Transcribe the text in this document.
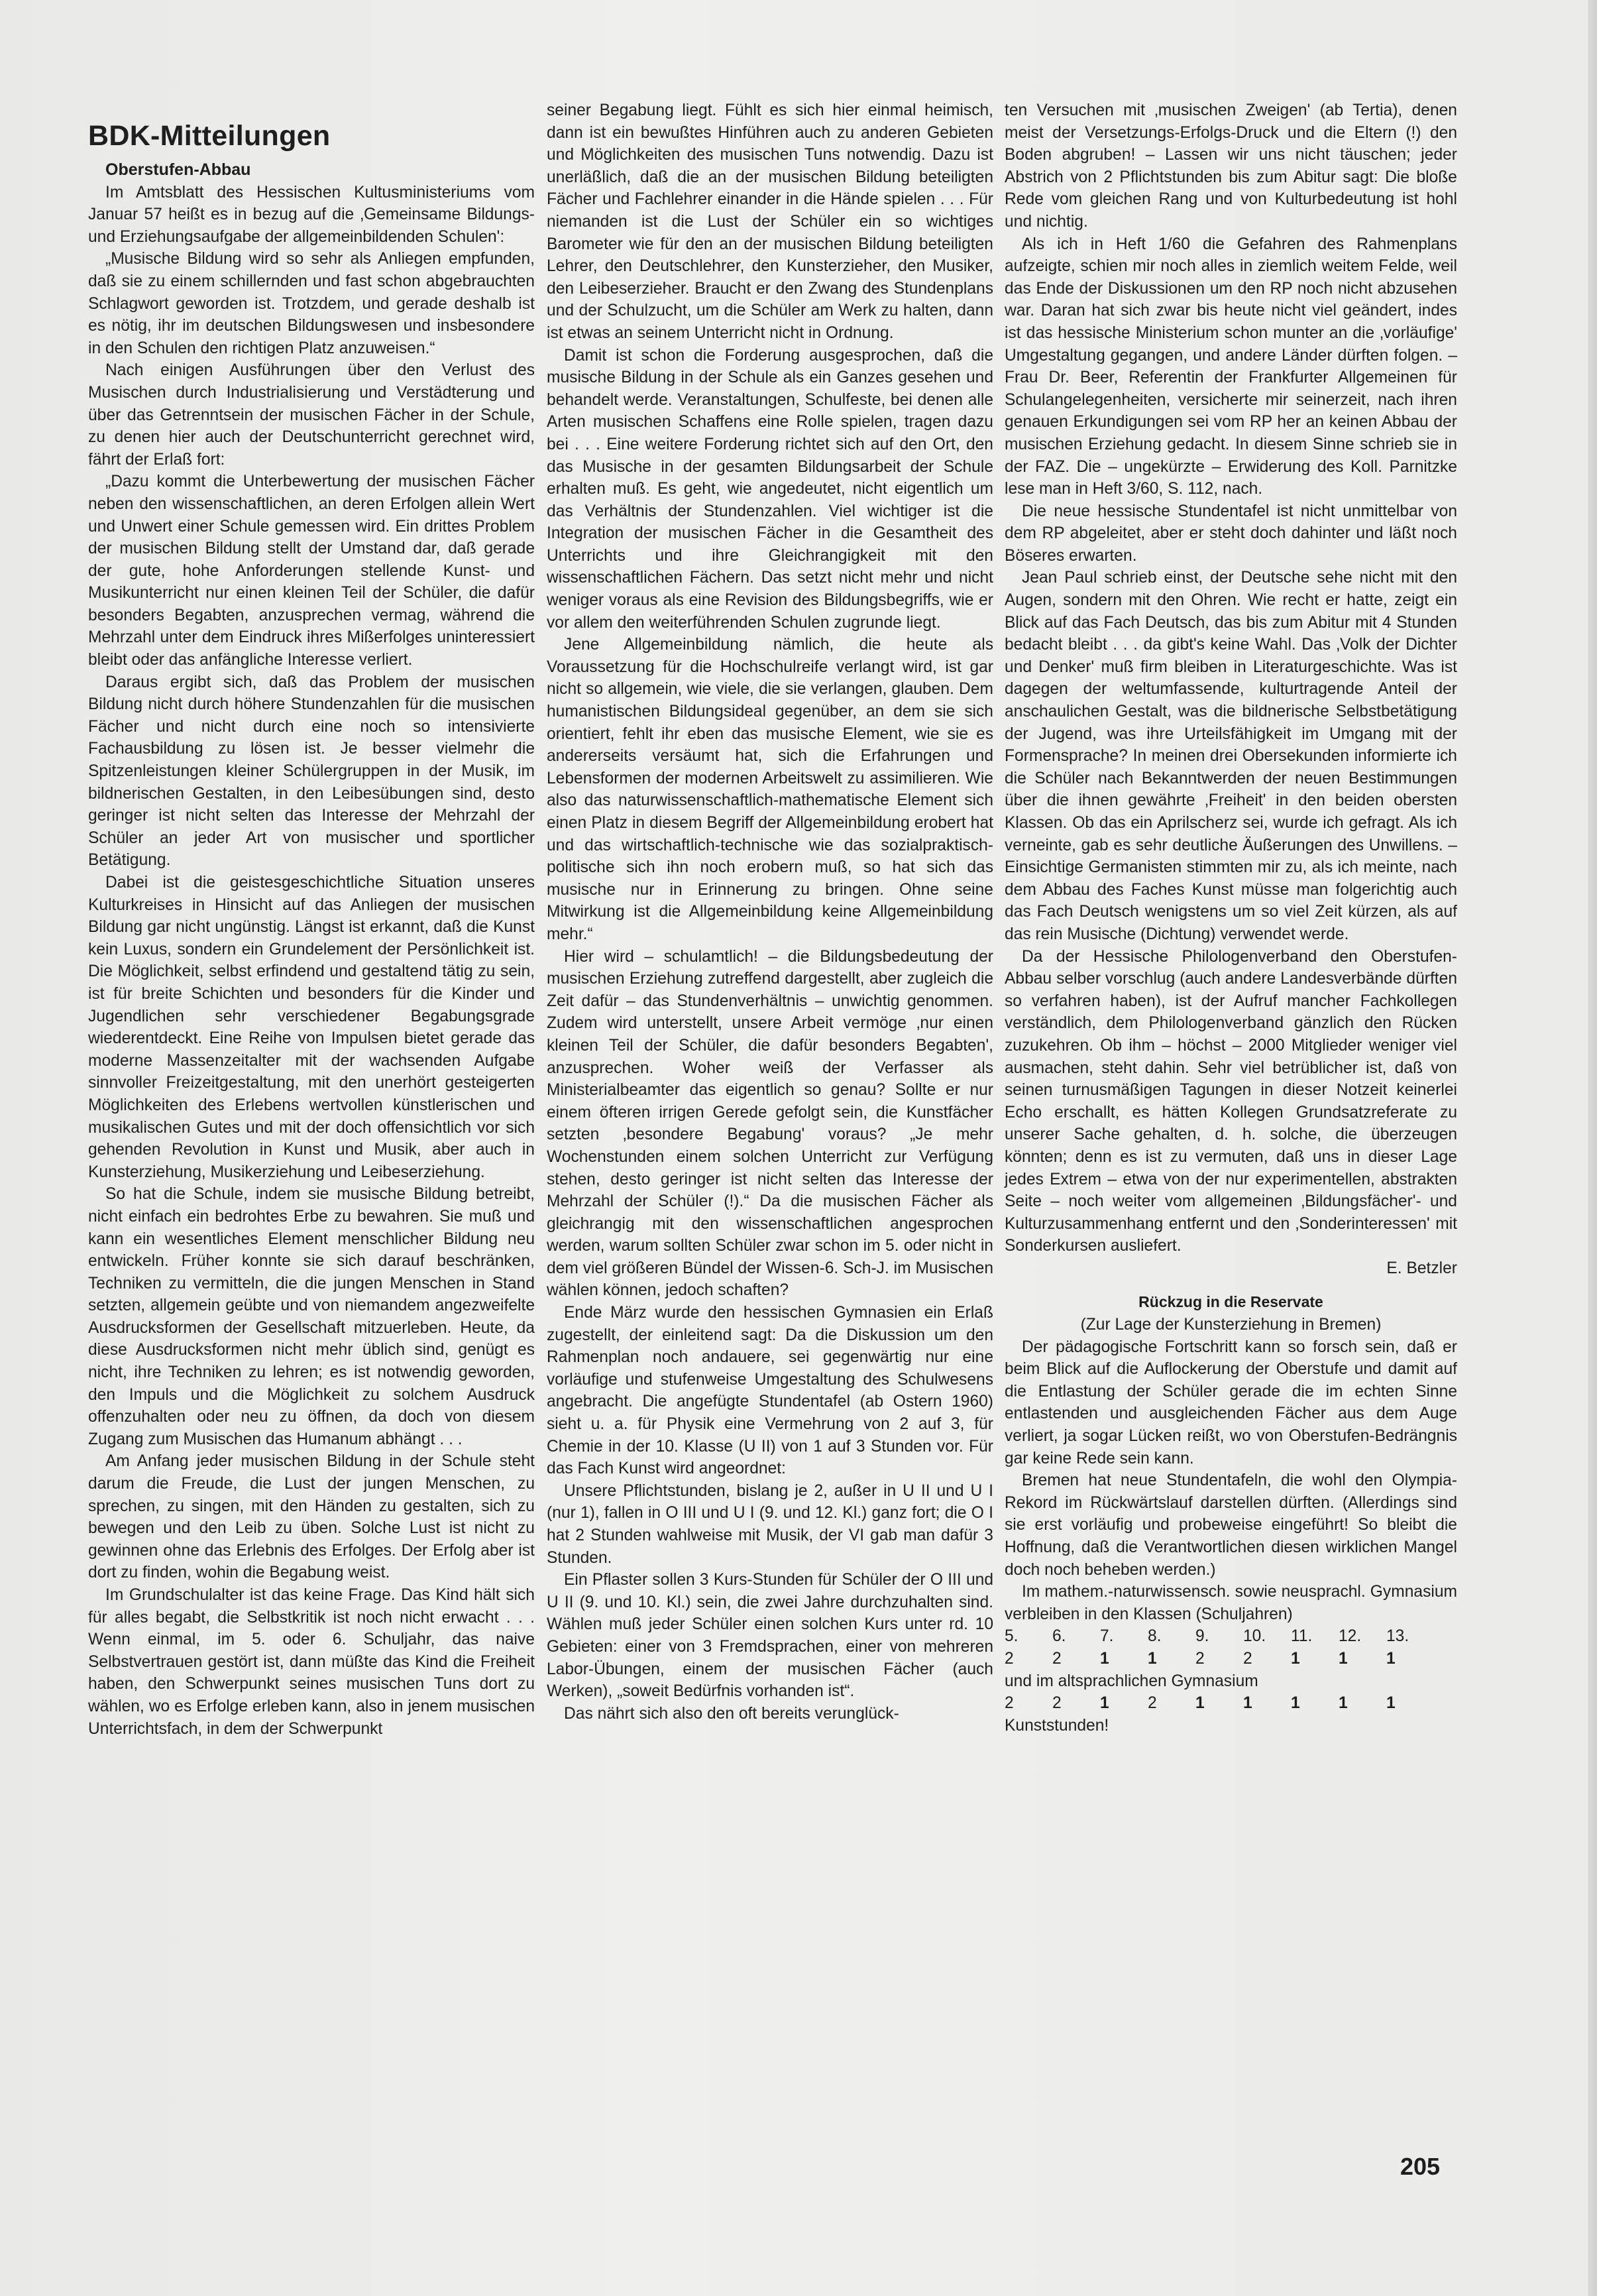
BDK-Mitteilungen

Oberstufen-Abbau

Im Amtsblatt des Hessischen Kultusministeriums vom Januar 57 heißt es in bezug auf die ‚Gemeinsame Bildungs- und Erziehungsaufgabe der allgemeinbildenden Schulen':

„Musische Bildung wird so sehr als Anliegen empfunden, daß sie zu einem schillernden und fast schon abgebrauchten Schlagwort geworden ist. Trotzdem, und gerade deshalb ist es nötig, ihr im deutschen Bildungswesen und insbesondere in den Schulen den richtigen Platz anzuweisen.“

Nach einigen Ausführungen über den Verlust des Musischen durch Industrialisierung und Verstädterung und über das Getrenntsein der musischen Fächer in der Schule, zu denen hier auch der Deutschunterricht gerechnet wird, fährt der Erlaß fort:

„Dazu kommt die Unterbewertung der musischen Fächer neben den wissenschaftlichen, an deren Erfolgen allein Wert und Unwert einer Schule gemessen wird. Ein drittes Problem der musischen Bildung stellt der Umstand dar, daß gerade der gute, hohe Anforderungen stellende Kunst- und Musikunterricht nur einen kleinen Teil der Schüler, die dafür besonders Begabten, anzusprechen vermag, während die Mehrzahl unter dem Eindruck ihres Mißerfolges uninteressiert bleibt oder das anfängliche Interesse verliert.

Daraus ergibt sich, daß das Problem der musischen Bildung nicht durch höhere Stundenzahlen für die musischen Fächer und nicht durch eine noch so intensivierte Fachausbildung zu lösen ist. Je besser vielmehr die Spitzenleistungen kleiner Schülergruppen in der Musik, im bildnerischen Gestalten, in den Leibesübungen sind, desto geringer ist nicht selten das Interesse der Mehrzahl der Schüler an jeder Art von musischer und sportlicher Betätigung.

Dabei ist die geistesgeschichtliche Situation unseres Kulturkreises in Hinsicht auf das Anliegen der musischen Bildung gar nicht ungünstig. Längst ist erkannt, daß die Kunst kein Luxus, sondern ein Grundelement der Persönlichkeit ist. Die Möglichkeit, selbst erfindend und gestaltend tätig zu sein, ist für breite Schichten und besonders für die Kinder und Jugendlichen sehr verschiedener Begabungsgrade wiederentdeckt. Eine Reihe von Impulsen bietet gerade das moderne Massenzeitalter mit der wachsenden Aufgabe sinnvoller Freizeitgestaltung, mit den unerhört gesteigerten Möglichkeiten des Erlebens wertvollen künstlerischen und musikalischen Gutes und mit der doch offensichtlich vor sich gehenden Revolution in Kunst und Musik, aber auch in Kunsterziehung, Musikerziehung und Leibeserziehung.

So hat die Schule, indem sie musische Bildung betreibt, nicht einfach ein bedrohtes Erbe zu bewahren. Sie muß und kann ein wesentliches Element menschlicher Bildung neu entwickeln. Früher konnte sie sich darauf beschränken, Techniken zu vermitteln, die die jungen Menschen in Stand setzten, allgemein geübte und von niemandem angezweifelte Ausdrucksformen der Gesellschaft mitzuerleben. Heute, da diese Ausdrucksformen nicht mehr üblich sind, genügt es nicht, ihre Techniken zu lehren; es ist notwendig geworden, den Impuls und die Möglichkeit zu solchem Ausdruck offenzuhalten oder neu zu öffnen, da doch von diesem Zugang zum Musischen das Humanum abhängt . . .

Am Anfang jeder musischen Bildung in der Schule steht darum die Freude, die Lust der jungen Menschen, zu sprechen, zu singen, mit den Händen zu gestalten, sich zu bewegen und den Leib zu üben. Solche Lust ist nicht zu gewinnen ohne das Erlebnis des Erfolges. Der Erfolg aber ist dort zu finden, wohin die Begabung weist.

Im Grundschulalter ist das keine Frage. Das Kind hält sich für alles begabt, die Selbstkritik ist noch nicht erwacht . . . Wenn einmal, im 5. oder 6. Schuljahr, das naive Selbstvertrauen gestört ist, dann müßte das Kind die Freiheit haben, den Schwerpunkt seines musischen Tuns dort zu wählen, wo es Erfolge erleben kann, also in jenem musischen Unterrichtsfach, in dem der Schwerpunkt

seiner Begabung liegt. Fühlt es sich hier einmal heimisch, dann ist ein bewußtes Hinführen auch zu anderen Gebieten und Möglichkeiten des musischen Tuns notwendig. Dazu ist unerläßlich, daß die an der musischen Bildung beteiligten Fächer und Fachlehrer einander in die Hände spielen . . . Für niemanden ist die Lust der Schüler ein so wichtiges Barometer wie für den an der musischen Bildung beteiligten Lehrer, den Deutschlehrer, den Kunsterzieher, den Musiker, den Leibeserzieher. Braucht er den Zwang des Stundenplans und der Schulzucht, um die Schüler am Werk zu halten, dann ist etwas an seinem Unterricht nicht in Ordnung.

Damit ist schon die Forderung ausgesprochen, daß die musische Bildung in der Schule als ein Ganzes gesehen und behandelt werde. Veranstaltungen, Schulfeste, bei denen alle Arten musischen Schaffens eine Rolle spielen, tragen dazu bei . . . Eine weitere Forderung richtet sich auf den Ort, den das Musische in der gesamten Bildungsarbeit der Schule erhalten muß. Es geht, wie angedeutet, nicht eigentlich um das Verhältnis der Stundenzahlen. Viel wichtiger ist die Integration der musischen Fächer in die Gesamtheit des Unterrichts und ihre Gleichrangigkeit mit den wissenschaftlichen Fächern. Das setzt nicht mehr und nicht weniger voraus als eine Revision des Bildungsbegriffs, wie er vor allem den weiterführenden Schulen zugrunde liegt.

Jene Allgemeinbildung nämlich, die heute als Voraussetzung für die Hochschulreife verlangt wird, ist gar nicht so allgemein, wie viele, die sie verlangen, glauben. Dem humanistischen Bildungsideal gegenüber, an dem sie sich orientiert, fehlt ihr eben das musische Element, wie sie es andererseits versäumt hat, sich die Erfahrungen und Lebensformen der modernen Arbeitswelt zu assimilieren. Wie also das naturwissenschaftlich-mathematische Element sich einen Platz in diesem Begriff der Allgemeinbildung erobert hat und das wirtschaftlich-technische wie das sozialpraktisch-politische sich ihn noch erobern muß, so hat sich das musische nur in Erinnerung zu bringen. Ohne seine Mitwirkung ist die Allgemeinbildung keine Allgemeinbildung mehr.“

Hier wird – schulamtlich! – die Bildungsbedeutung der musischen Erziehung zutreffend dargestellt, aber zugleich die Zeit dafür – das Stundenverhältnis – unwichtig genommen. Zudem wird unterstellt, unsere Arbeit vermöge ‚nur einen kleinen Teil der Schüler, die dafür besonders Begabten', anzusprechen. Woher weiß der Verfasser als Ministerialbeamter das eigentlich so genau? Sollte er nur einem öfteren irrigen Gerede gefolgt sein, die Kunstfächer setzten ‚besondere Begabung' voraus? „Je mehr Wochenstunden einem solchen Unterricht zur Verfügung stehen, desto geringer ist nicht selten das Interesse der Mehrzahl der Schüler (!).“ Da die musischen Fächer als gleichrangig mit den wissenschaftlichen angesprochen werden, warum sollten Schüler zwar schon im 5. oder nicht in dem viel größeren Bündel der Wissen-6. Sch-J. im Musischen wählen können, jedoch schaften?

Ende März wurde den hessischen Gymnasien ein Erlaß zugestellt, der einleitend sagt: Da die Diskussion um den Rahmenplan noch andauere, sei gegenwärtig nur eine vorläufige und stufenweise Umgestaltung des Schulwesens angebracht. Die angefügte Stundentafel (ab Ostern 1960) sieht u. a. für Physik eine Vermehrung von 2 auf 3, für Chemie in der 10. Klasse (U II) von 1 auf 3 Stunden vor. Für das Fach Kunst wird angeordnet:

Unsere Pflichtstunden, bislang je 2, außer in U II und U I (nur 1), fallen in O III und U I (9. und 12. Kl.) ganz fort; die O I hat 2 Stunden wahlweise mit Musik, der VI gab man dafür 3 Stunden.

Ein Pflaster sollen 3 Kurs-Stunden für Schüler der O III und U II (9. und 10. Kl.) sein, die zwei Jahre durchzuhalten sind. Wählen muß jeder Schüler einen solchen Kurs unter rd. 10 Gebieten: einer von 3 Fremdsprachen, einer von mehreren Labor-Übungen, einem der musischen Fächer (auch Werken), „soweit Bedürfnis vorhanden ist“.

Das nährt sich also den oft bereits verunglück-

ten Versuchen mit ‚musischen Zweigen' (ab Tertia), denen meist der Versetzungs-Erfolgs-Druck und die Eltern (!) den Boden abgruben! – Lassen wir uns nicht täuschen; jeder Abstrich von 2 Pflichtstunden bis zum Abitur sagt: Die bloße Rede vom gleichen Rang und von Kulturbedeutung ist hohl und nichtig.

Als ich in Heft 1/60 die Gefahren des Rahmenplans aufzeigte, schien mir noch alles in ziemlich weitem Felde, weil das Ende der Diskussionen um den RP noch nicht abzusehen war. Daran hat sich zwar bis heute nicht viel geändert, indes ist das hessische Ministerium schon munter an die ‚vorläufige' Umgestaltung gegangen, und andere Länder dürften folgen. – Frau Dr. Beer, Referentin der Frankfurter Allgemeinen für Schulangelegenheiten, versicherte mir seinerzeit, nach ihren genauen Erkundigungen sei vom RP her an keinen Abbau der musischen Erziehung gedacht. In diesem Sinne schrieb sie in der FAZ. Die – ungekürzte – Erwiderung des Koll. Parnitzke lese man in Heft 3/60, S. 112, nach.

Die neue hessische Stundentafel ist nicht unmittelbar von dem RP abgeleitet, aber er steht doch dahinter und läßt noch Böseres erwarten.

Jean Paul schrieb einst, der Deutsche sehe nicht mit den Augen, sondern mit den Ohren. Wie recht er hatte, zeigt ein Blick auf das Fach Deutsch, das bis zum Abitur mit 4 Stunden bedacht bleibt . . . da gibt's keine Wahl. Das ‚Volk der Dichter und Denker' muß firm bleiben in Literaturgeschichte. Was ist dagegen der weltumfassende, kulturtragende Anteil der anschaulichen Gestalt, was die bildnerische Selbstbetätigung der Jugend, was ihre Urteilsfähigkeit im Umgang mit der Formensprache? In meinen drei Obersekunden informierte ich die Schüler nach Bekanntwerden der neuen Bestimmungen über die ihnen gewährte ‚Freiheit' in den beiden obersten Klassen. Ob das ein Aprilscherz sei, wurde ich gefragt. Als ich verneinte, gab es sehr deutliche Äußerungen des Unwillens. – Einsichtige Germanisten stimmten mir zu, als ich meinte, nach dem Abbau des Faches Kunst müsse man folgerichtig auch das Fach Deutsch wenigstens um so viel Zeit kürzen, als auf das rein Musische (Dichtung) verwendet werde.

Da der Hessische Philologenverband den Oberstufen-Abbau selber vorschlug (auch andere Landesverbände dürften so verfahren haben), ist der Aufruf mancher Fachkollegen verständlich, dem Philologenverband gänzlich den Rücken zuzukehren. Ob ihm – höchst – 2000 Mitglieder weniger viel ausmachen, steht dahin. Sehr viel betrüblicher ist, daß von seinen turnusmäßigen Tagungen in dieser Notzeit keinerlei Echo erschallt, es hätten Kollegen Grundsatzreferate zu unserer Sache gehalten, d. h. solche, die überzeugen könnten; denn es ist zu vermuten, daß uns in dieser Lage jedes Extrem – etwa von der nur experimentellen, abstrakten Seite – noch weiter vom allgemeinen ‚Bildungsfächer'- und Kulturzusammenhang entfernt und den ‚Sonderinteressen' mit Sonderkursen ausliefert.

E. Betzler

Rückzug in die Reservate

(Zur Lage der Kunsterziehung in Bremen)

Der pädagogische Fortschritt kann so forsch sein, daß er beim Blick auf die Auflockerung der Oberstufe und damit auf die Entlastung der Schüler gerade die im echten Sinne entlastenden und ausgleichenden Fächer aus dem Auge verliert, ja sogar Lücken reißt, wo von Oberstufen-Bedrängnis gar keine Rede sein kann.

Bremen hat neue Stundentafeln, die wohl den Olympia-Rekord im Rückwärtslauf darstellen dürften. (Allerdings sind sie erst vorläufig und probeweise eingeführt! So bleibt die Hoffnung, daß die Verantwortlichen diesen wirklichen Mangel doch noch beheben werden.)

Im mathem.-naturwissensch. sowie neusprachl. Gymnasium verbleiben in den Klassen (Schuljahren)

5.	6.	7.	8.	9.	10.	11.	12.	13.
2	2	1	1	2	2	1	1	1

und im altsprachlichen Gymnasium

2	2	1	2	1	1	1	1	1

Kunststunden!

205
